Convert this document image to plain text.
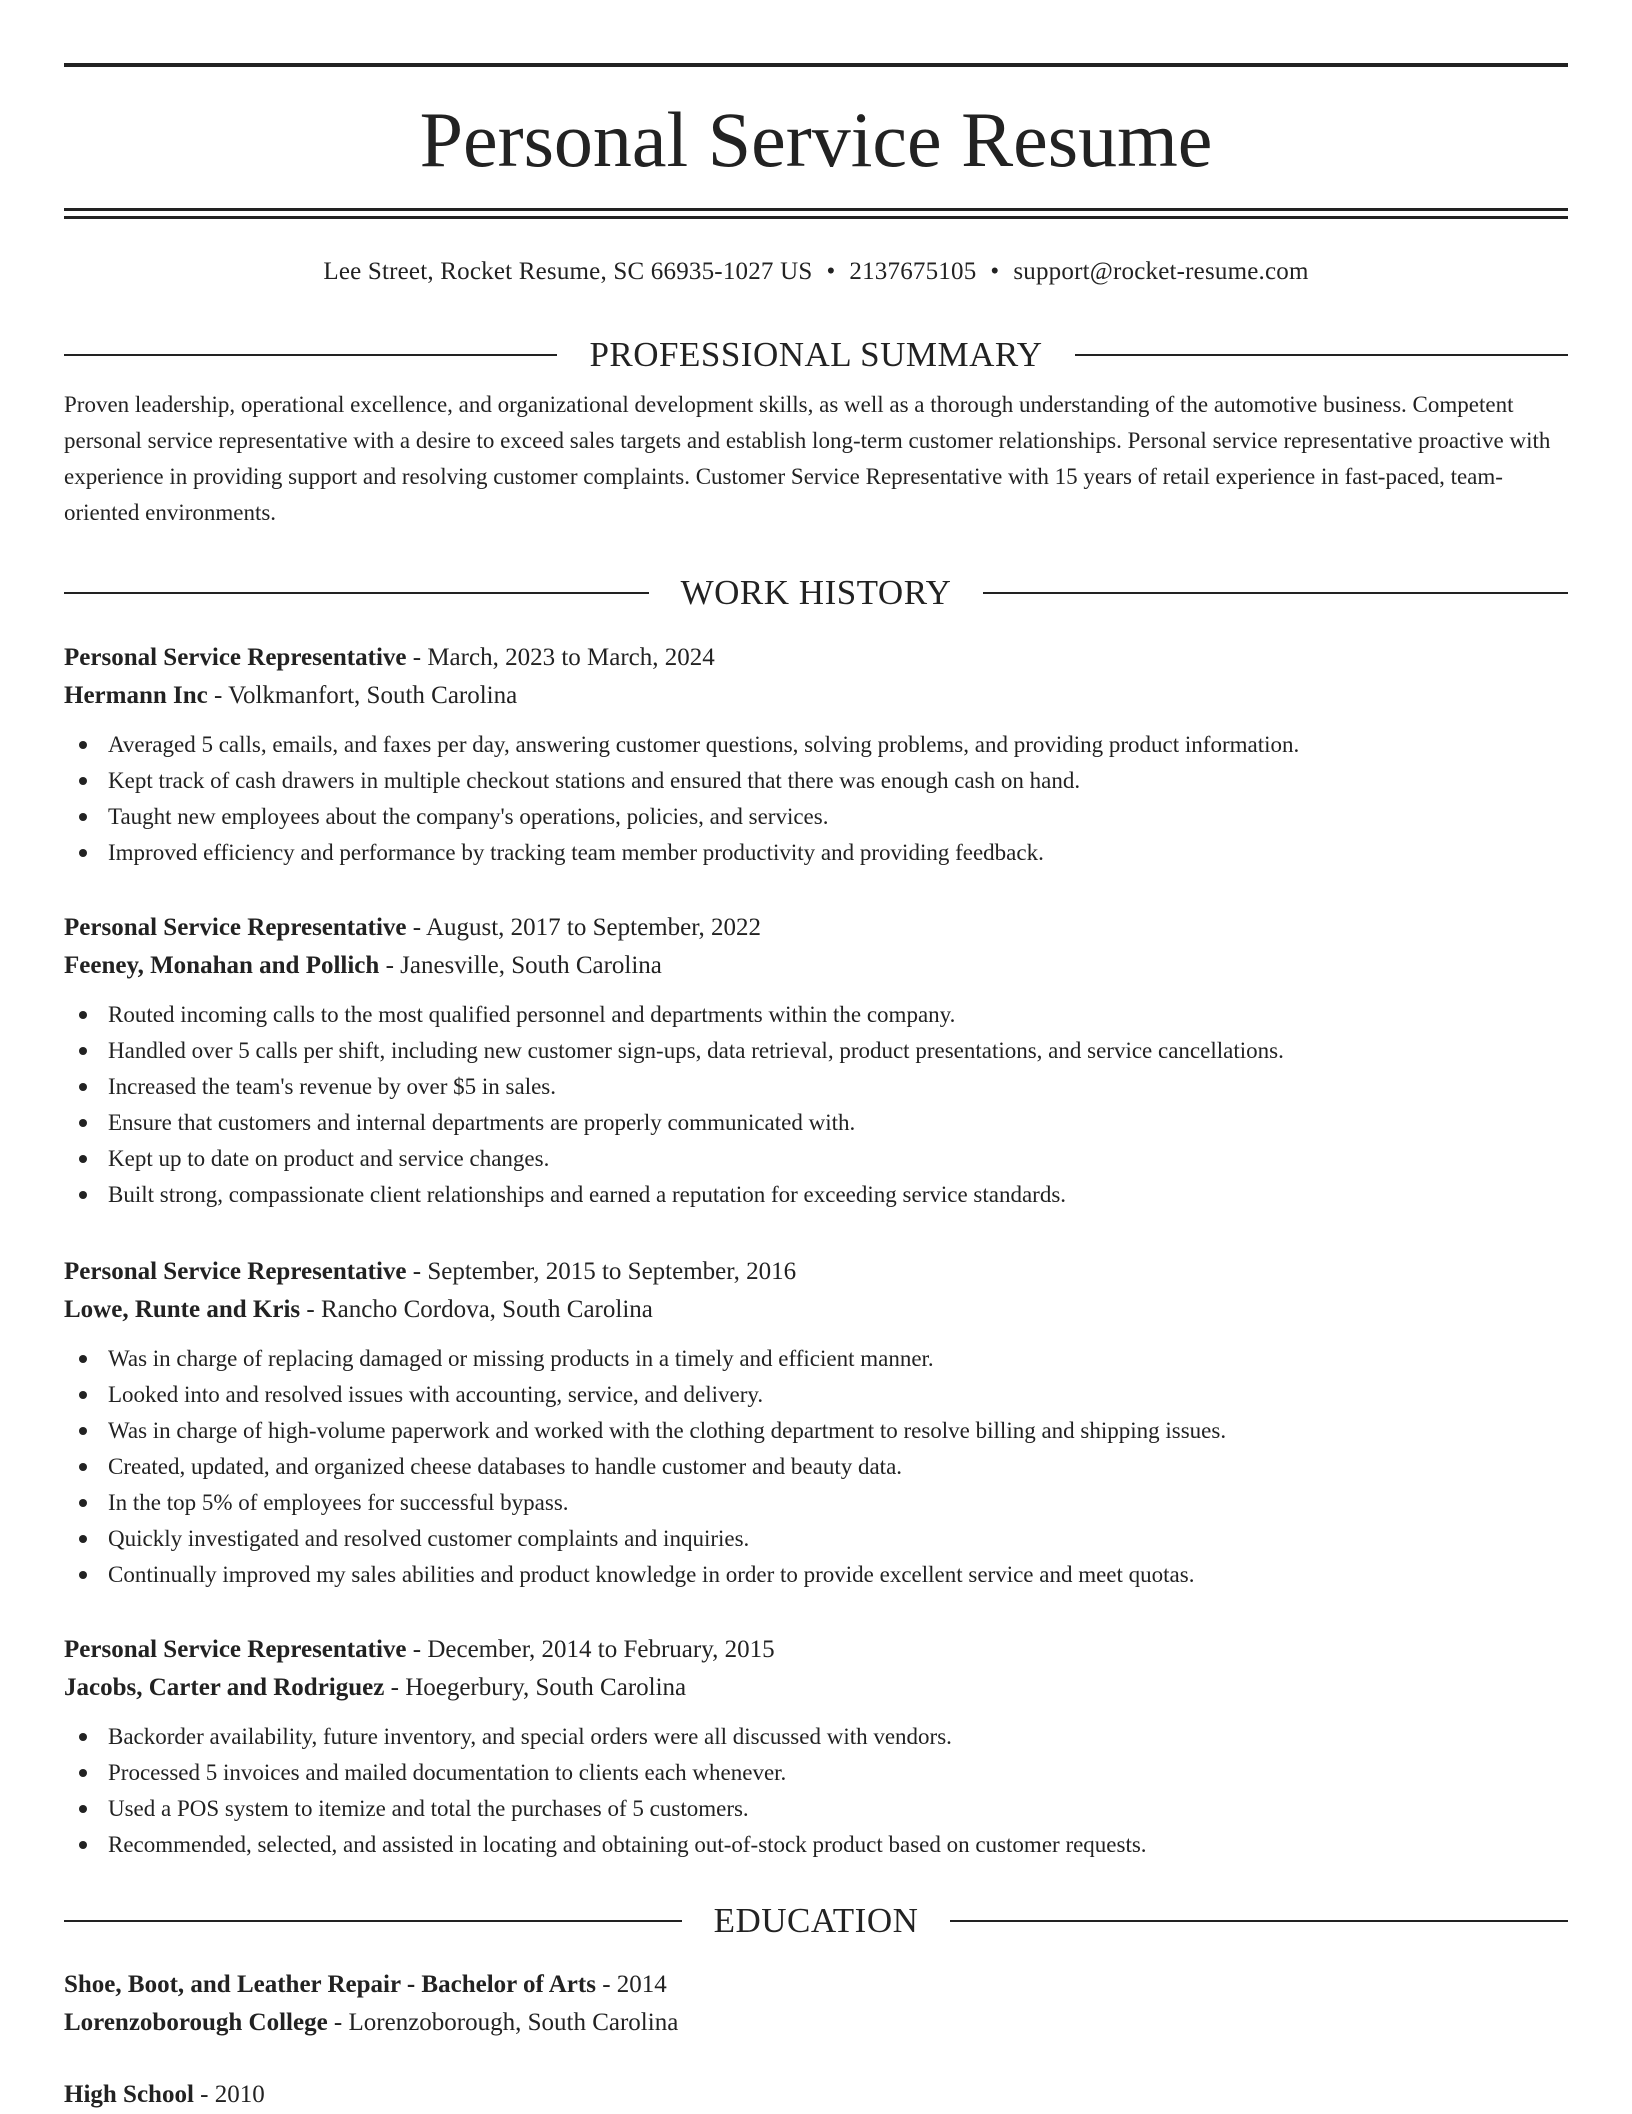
Personal Service Resume
Lee Street, Rocket Resume, SC 66935-1027 US • 2137675105 • support@rocket-resume.com
PROFESSIONAL SUMMARY

Proven leadership, operational excellence, and organizational development skills, as well as a thorough understanding of the automotive business. Competent personal service representative with a desire to exceed sales targets and establish long-term customer relationships. Personal service representative proactive with experience in providing support and resolving customer complaints. Customer Service Representative with 15 years of retail experience in fast-paced, team-oriented environments.

WORK HISTORY
Personal Service Representative - March, 2023 to March, 2024
Hermann Inc - Volkmanfort, South Carolina
Averaged 5 calls, emails, and faxes per day, answering customer questions, solving problems, and providing product information.
Kept track of cash drawers in multiple checkout stations and ensured that there was enough cash on hand.
Taught new employees about the company's operations, policies, and services.
Improved efficiency and performance by tracking team member productivity and providing feedback.
Personal Service Representative - August, 2017 to September, 2022
Feeney, Monahan and Pollich - Janesville, South Carolina
Routed incoming calls to the most qualified personnel and departments within the company.
Handled over 5 calls per shift, including new customer sign-ups, data retrieval, product presentations, and service cancellations.
Increased the team's revenue by over $5 in sales.
Ensure that customers and internal departments are properly communicated with.
Kept up to date on product and service changes.
Built strong, compassionate client relationships and earned a reputation for exceeding service standards.
Personal Service Representative - September, 2015 to September, 2016
Lowe, Runte and Kris - Rancho Cordova, South Carolina
Was in charge of replacing damaged or missing products in a timely and efficient manner.
Looked into and resolved issues with accounting, service, and delivery.
Was in charge of high-volume paperwork and worked with the clothing department to resolve billing and shipping issues.
Created, updated, and organized cheese databases to handle customer and beauty data.
In the top 5% of employees for successful bypass.
Quickly investigated and resolved customer complaints and inquiries.
Continually improved my sales abilities and product knowledge in order to provide excellent service and meet quotas.
Personal Service Representative - December, 2014 to February, 2015
Jacobs, Carter and Rodriguez - Hoegerbury, South Carolina
Backorder availability, future inventory, and special orders were all discussed with vendors.
Processed 5 invoices and mailed documentation to clients each whenever.
Used a POS system to itemize and total the purchases of 5 customers.
Recommended, selected, and assisted in locating and obtaining out-of-stock product based on customer requests.
EDUCATION
Shoe, Boot, and Leather Repair - Bachelor of Arts - 2014
Lorenzoborough College - Lorenzoborough, South Carolina
High School - 2010
